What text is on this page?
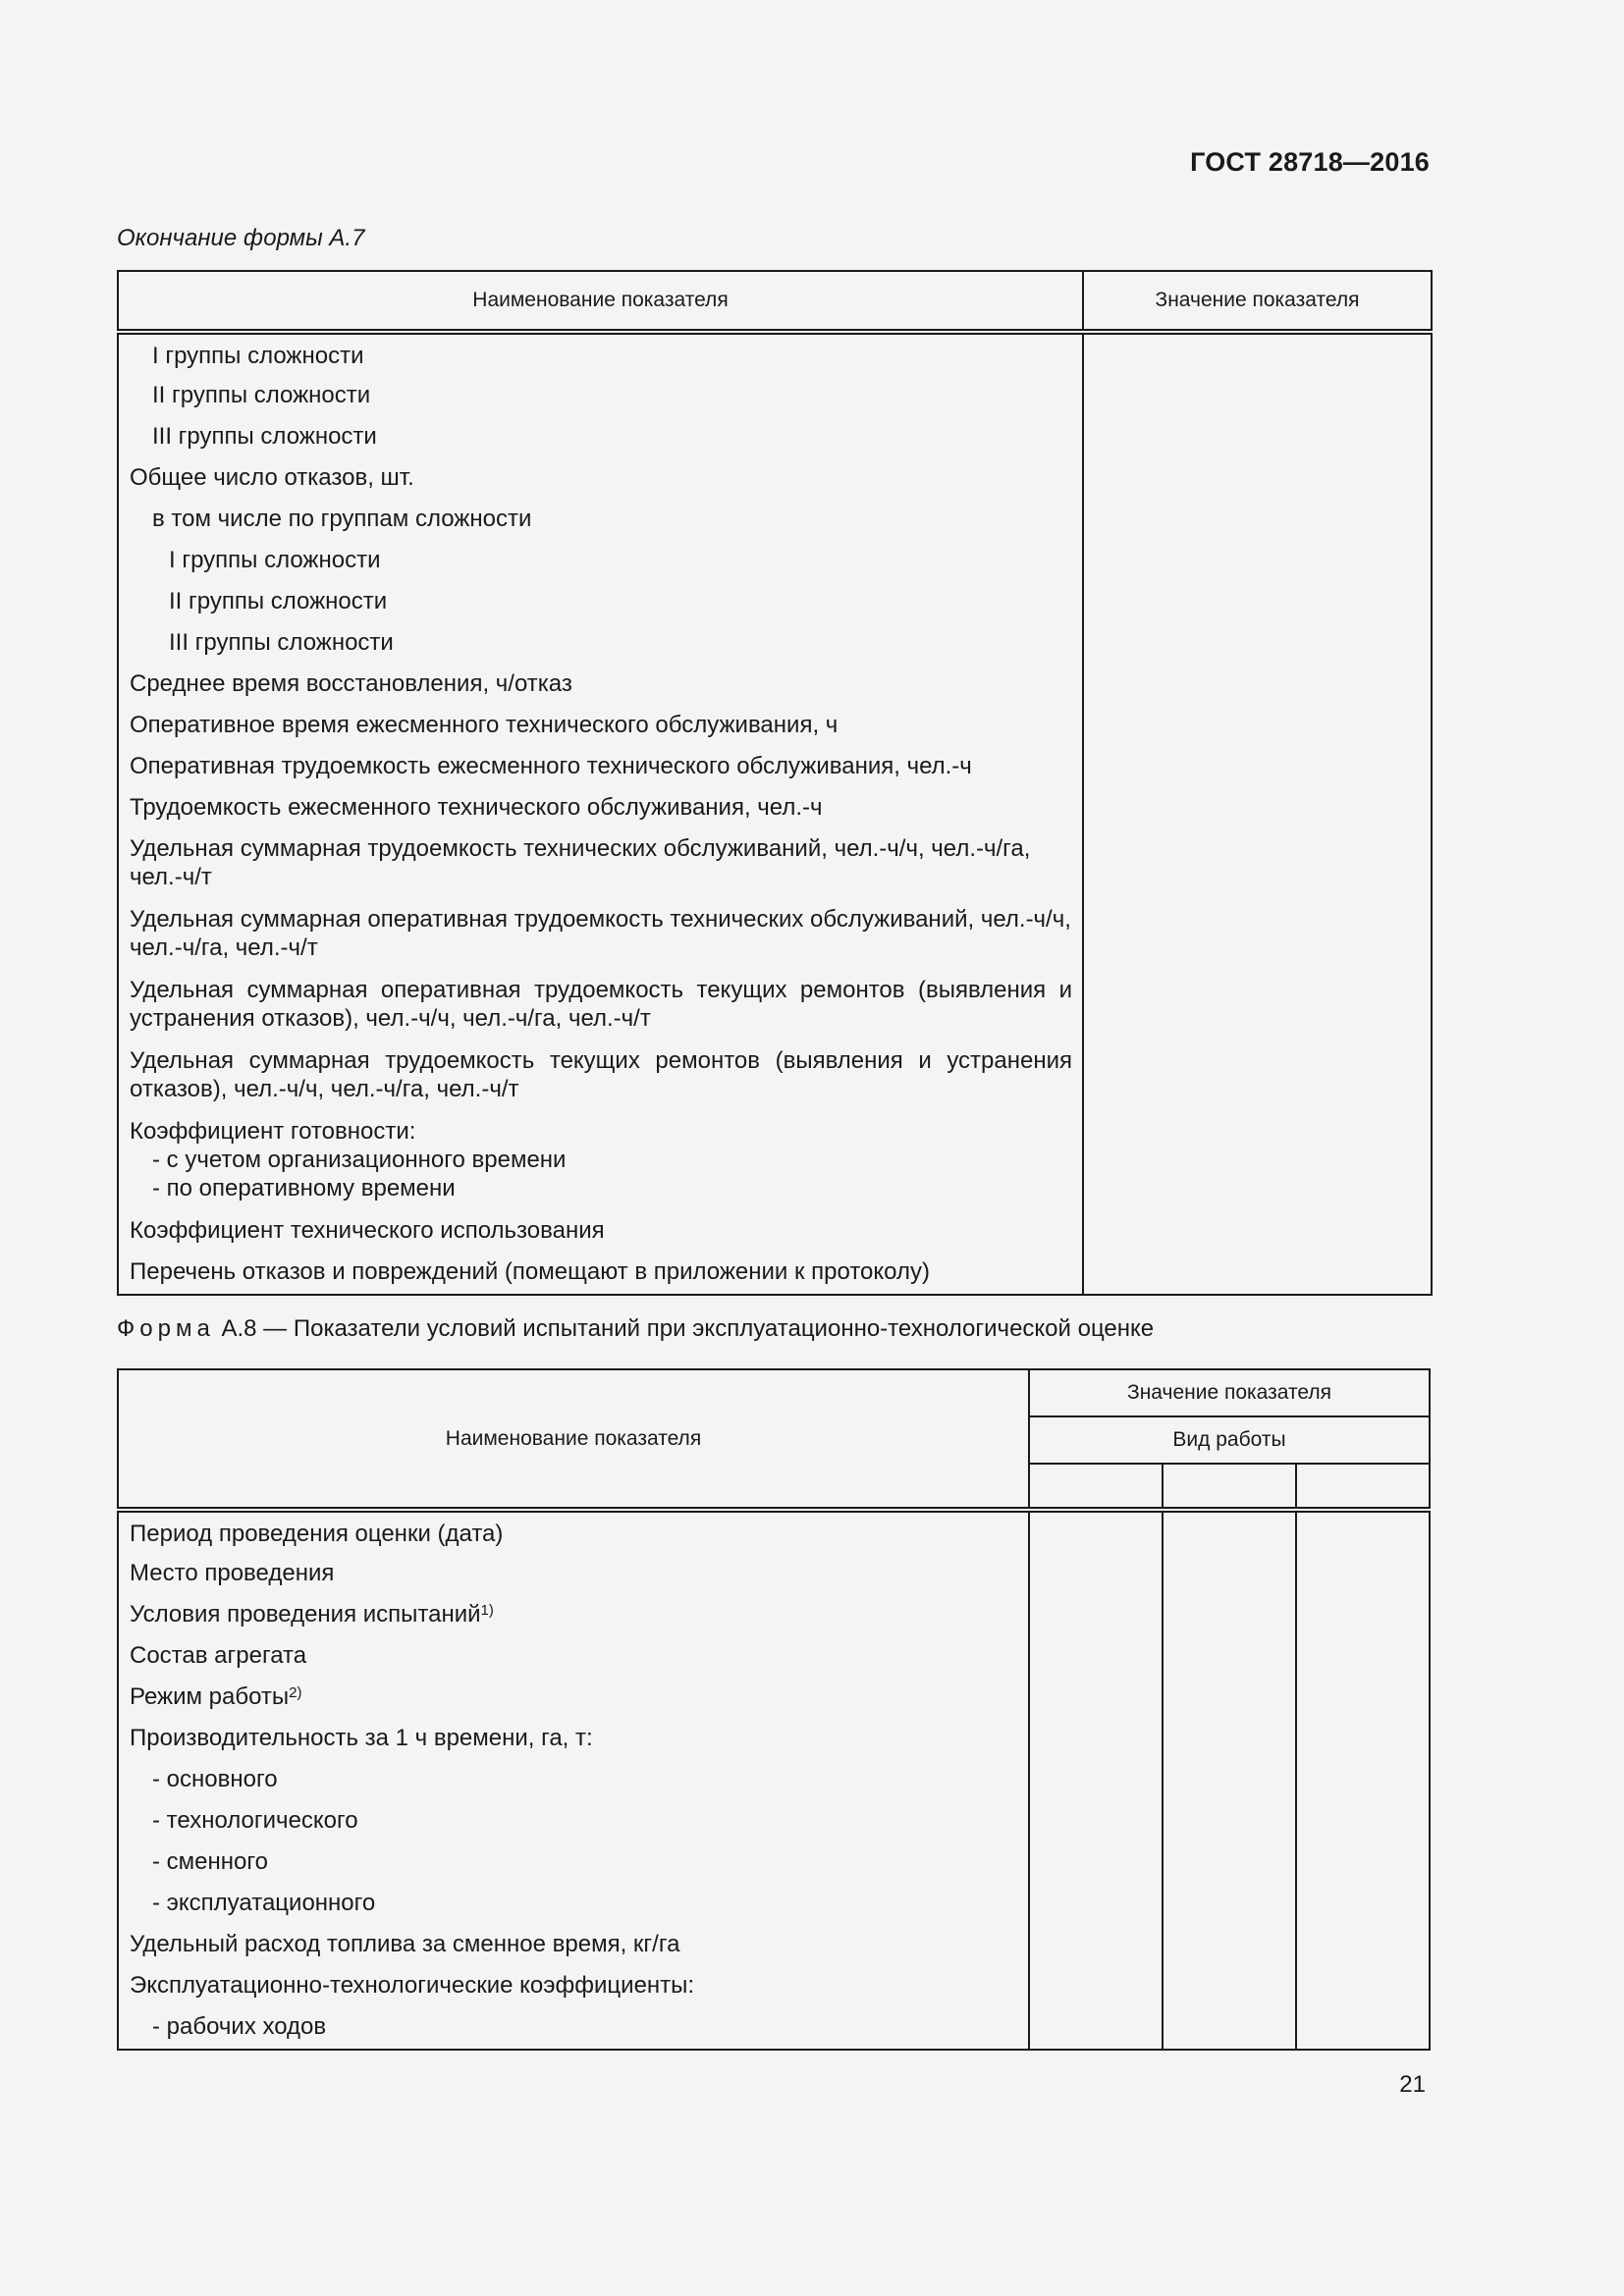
ГОСТ 28718—2016
Окончание формы А.7
Наименование показателя	Значение показателя

I группы сложности	

II группы сложности	

III группы сложности	

Общее число отказов, шт.	

в том числе по группам сложности	

I группы сложности	

II группы сложности	

III группы сложности	

Среднее время восстановления, ч/отказ	

Оперативное время ежесменного технического обслуживания, ч	

Оперативная трудоемкость ежесменного технического обслуживания, чел.-ч	

Трудоемкость ежесменного технического обслуживания, чел.-ч	

Удельная суммарная трудоемкость технических обслуживаний, чел.-ч/ч, чел.-ч/га, чел.-ч/т	

Удельная суммарная оперативная трудоемкость технических обслуживаний, чел.-ч/ч, чел.-ч/га, чел.-ч/т	

Удельная суммарная оперативная трудоемкость текущих ремонтов (выявления и устранения отказов), чел.-ч/ч, чел.-ч/га, чел.-ч/т	

Удельная суммарная трудоемкость текущих ремонтов (выявления и устранения отказов), чел.-ч/ч, чел.-ч/га, чел.-ч/т	

Коэффициент готовности:
- с учетом организационного времени
- по оперативному времени	

Коэффициент технического использования	

Перечень отказов и повреждений (помещают в приложении к протоколу)	

Форма А.8 — Показатели условий испытаний при эксплуатационно-технологической оценке
Наименование показателя	Значение показателя		
	Вид работы		

Период проведения оценки (дата)			

Место проведения			

Условия проведения испытаний$^{1)}$

Состав агрегата			

Режим работы$^{2)}$

Производительность за 1 ч времени, га, т:			

- основного			

- технологического			

- сменного			

- эксплуатационного			

Удельный расход топлива за сменное время, кг/га			

Эксплуатационно-технологические коэффициенты:			

- рабочих ходов			

21
